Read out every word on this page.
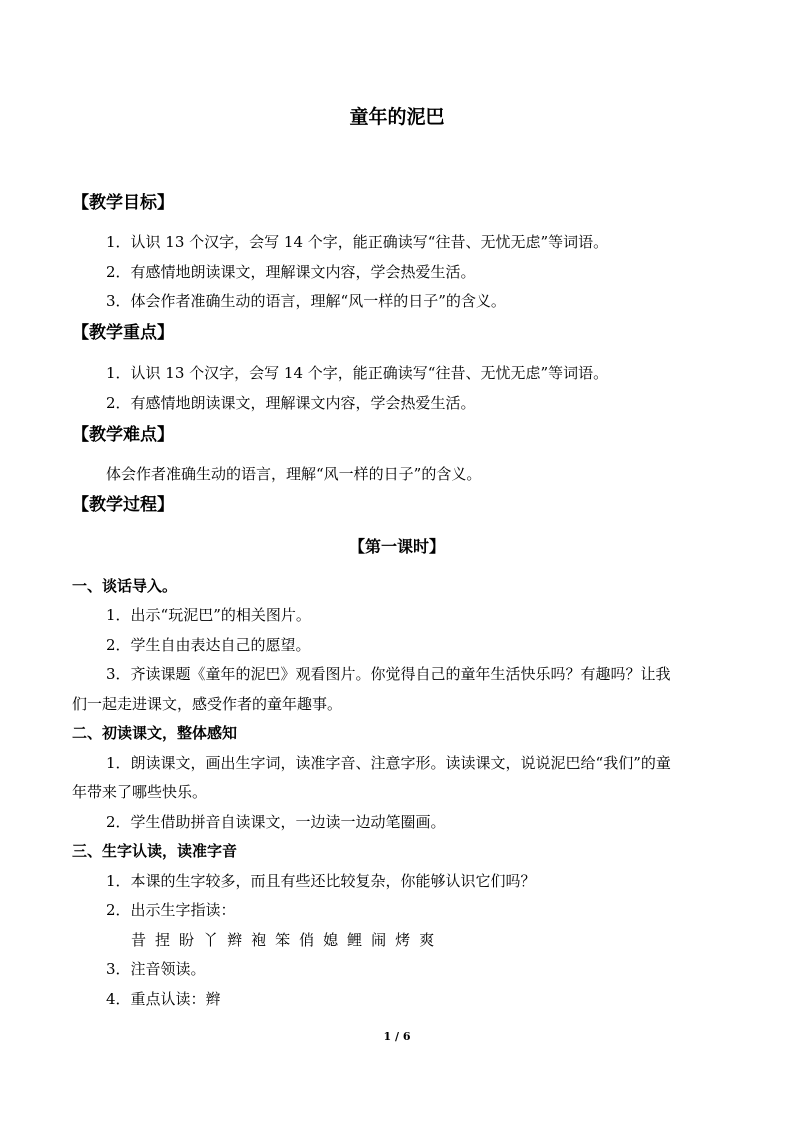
童年的泥巴
【教学目标】
1．认识 13 个汉字，会写 14 个字，能正确读写“往昔、无忧无虑”等词语。
2．有感情地朗读课文，理解课文内容，学会热爱生活。
3．体会作者准确生动的语言，理解“风一样的日子”的含义。
【教学重点】
1．认识 13 个汉字，会写 14 个字，能正确读写“往昔、无忧无虑”等词语。
2．有感情地朗读课文，理解课文内容，学会热爱生活。
【教学难点】
体会作者准确生动的语言，理解“风一样的日子”的含义。
【教学过程】
【第一课时】
一、谈话导入。
1．出示“玩泥巴”的相关图片。
2．学生自由表达自己的愿望。
3．齐读课题《童年的泥巴》观看图片。你觉得自己的童年生活快乐吗？有趣吗？让我
们一起走进课文，感受作者的童年趣事。
二、初读课文，整体感知
1．朗读课文，画出生字词，读准字音、注意字形。读读课文，说说泥巴给“我们”的童
年带来了哪些快乐。
2．学生借助拼音自读课文，一边读一边动笔圈画。
三、生字认读，读准字音
1．本课的生字较多，而且有些还比较复杂，你能够认识它们吗？
2．出示生字指读：
昔 捏 盼 丫 辫 袍 笨 俏 媳 鲤 闹 烤 爽
3．注音领读。
4．重点认读：辫
1 / 6
